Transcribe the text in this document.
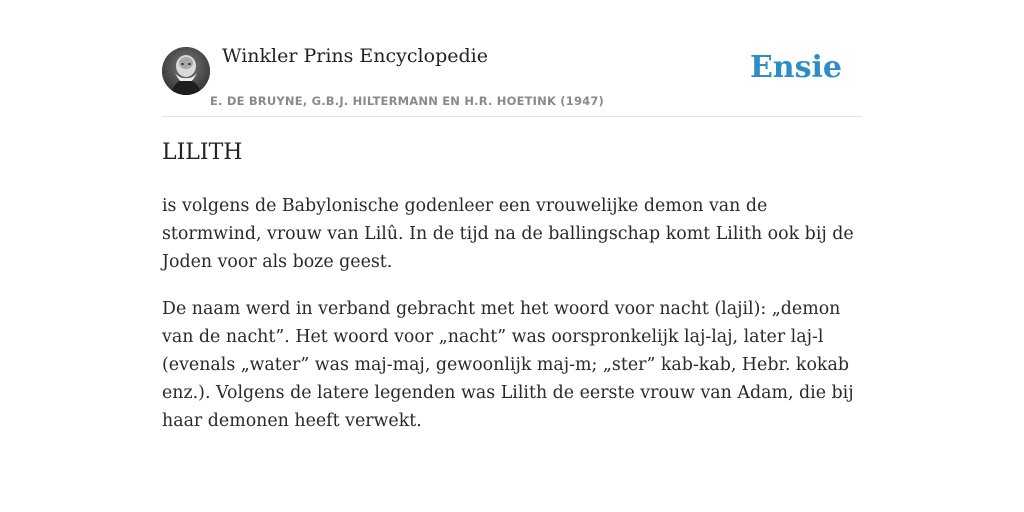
Winkler Prins Encyclopedie
E. DE BRUYNE, G.B.J. HILTERMANN EN H.R. HOETINK (1947)
Ensie
LILITH

is volgens de Babylonische godenleer een vrouwelijke demon van de stormwind, vrouw van Lilû. In de tijd na de ballingschap komt Lilith ook bij de Joden voor als boze geest.

De naam werd in verband gebracht met het woord voor nacht (lajil): „demon van de nacht”. Het woord voor „nacht” was oorspronkelijk laj-laj, later laj-l (evenals „water” was maj-maj, gewoonlijk maj-m; „ster” kab-kab, Hebr. kokab enz.). Volgens de latere legenden was Lilith de eerste vrouw van Adam, die bij haar demonen heeft verwekt.
